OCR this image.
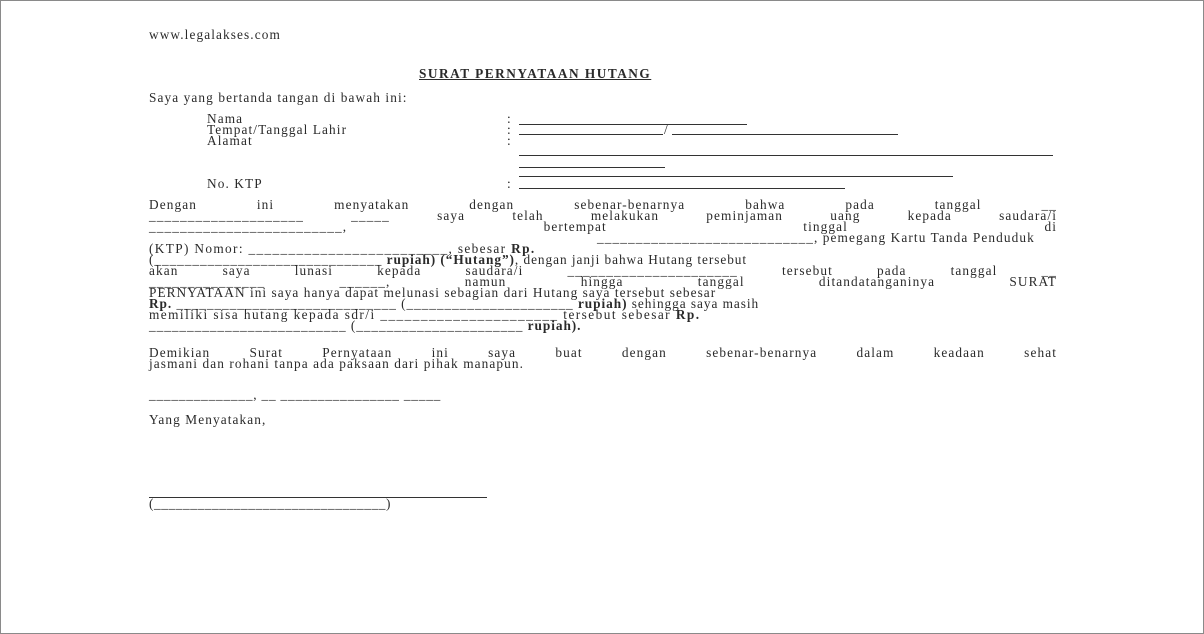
www.legalakses.com
SURAT PERNYATAAN HUTANG
Saya yang bertanda tangan di bawah ini:
Nama	:
Tempat/Tanggal Lahir	:	/
Alamat	:
No. KTP	:
Dengan ini menyatakan dengan sebenar-benarnya bahwa pada tanggal __
____________________ _____ saya telah melakukan peminjaman uang kepada saudara/i
_________________________, bertempat tinggal di
____________________________, pemegang Kartu Tanda Penduduk
(KTP) Nomor: _________________________, sebesar Rp.
(______________________________ rupiah) (“Hutang”), dengan janji bahwa Hutang tersebut
akan saya lunasi kepada saudara/i ______________________ tersebut pada tanggal __
_______________ ______, namun hingga tanggal ditandatanganinya SURAT
PERNYATAAN ini saya hanya dapat melunasi sebagian dari Hutang saya tersebut sebesar
Rp. _____________________________ (______________________ rupiah) sehingga saya masih
memiliki sisa hutang kepada sdr/i ______________________ tersebut sebesar Rp.
__________________________ (______________________ rupiah).
Demikian Surat Pernyataan ini saya buat dengan sebenar-benarnya dalam keadaan sehat
jasmani dan rohani tanpa ada paksaan dari pihak manapun.
______________, __ ________________ _____
Yang Menyatakan,
(________________________________)
